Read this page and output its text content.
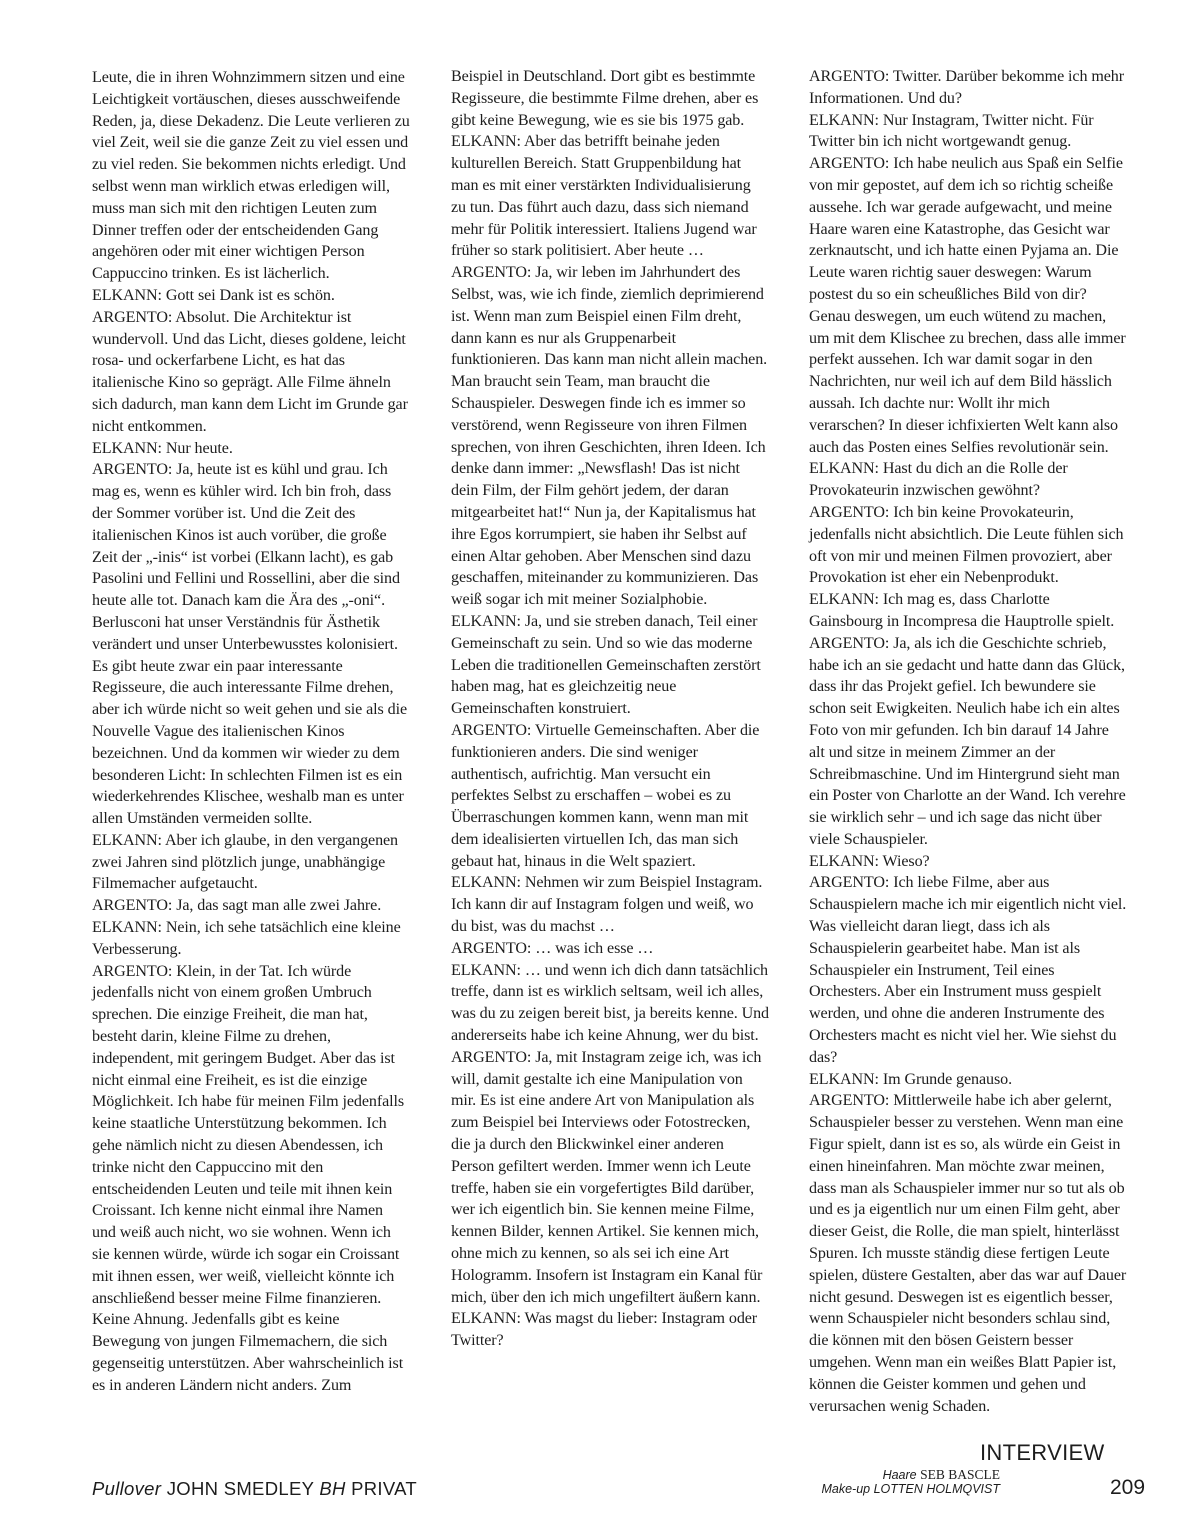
Leute, die in ihren Wohnzimmern sitzen und eine Leichtigkeit vortäuschen, dieses ausschweifende Reden, ja, diese Dekadenz. Die Leute verlieren zu viel Zeit, weil sie die ganze Zeit zu viel essen und zu viel reden. Sie bekommen nichts erledigt. Und selbst wenn man wirklich etwas erledigen will, muss man sich mit den richtigen Leuten zum Dinner treffen oder der entscheidenden Gang angehören oder mit einer wichtigen Person Cappuccino trinken. Es ist lächerlich.

ELKANN: Gott sei Dank ist es schön.

ARGENTO: Absolut. Die Architektur ist wundervoll. Und das Licht, dieses goldene, leicht rosa- und ockerfarbene Licht, es hat das italienische Kino so geprägt. Alle Filme ähneln sich dadurch, man kann dem Licht im Grunde gar nicht entkommen.

ELKANN: Nur heute.

ARGENTO: Ja, heute ist es kühl und grau. Ich mag es, wenn es kühler wird. Ich bin froh, dass der Sommer vorüber ist. Und die Zeit des italienischen Kinos ist auch vorüber, die große Zeit der „-inis“ ist vorbei (Elkann lacht), es gab Pasolini und Fellini und Rossellini, aber die sind heute alle tot. Danach kam die Ära des „-oni“. Berlusconi hat unser Verständnis für Ästhetik verändert und unser Unterbewusstes kolonisiert. Es gibt heute zwar ein paar interessante Regisseure, die auch interessante Filme drehen, aber ich würde nicht so weit gehen und sie als die Nouvelle Vague des italienischen Kinos bezeichnen. Und da kommen wir wieder zu dem besonderen Licht: In schlechten Filmen ist es ein wiederkehrendes Klischee, weshalb man es unter allen Umständen vermeiden sollte.

ELKANN: Aber ich glaube, in den vergangenen zwei Jahren sind plötzlich junge, unabhängige Filmemacher aufgetaucht.

ARGENTO: Ja, das sagt man alle zwei Jahre.

ELKANN: Nein, ich sehe tatsächlich eine kleine Verbesserung.

ARGENTO: Klein, in der Tat. Ich würde jedenfalls nicht von einem großen Umbruch sprechen. Die einzige Freiheit, die man hat, besteht darin, kleine Filme zu drehen, independent, mit geringem Budget. Aber das ist nicht einmal eine Freiheit, es ist die einzige Möglichkeit. Ich habe für meinen Film jedenfalls keine staatliche Unterstützung bekommen. Ich gehe nämlich nicht zu diesen Abendessen, ich trinke nicht den Cappuccino mit den entscheidenden Leuten und teile mit ihnen kein Croissant. Ich kenne nicht einmal ihre Namen und weiß auch nicht, wo sie wohnen. Wenn ich sie kennen würde, würde ich sogar ein Croissant mit ihnen essen, wer weiß, vielleicht könnte ich anschließend besser meine Filme finanzieren. Keine Ahnung. Jedenfalls gibt es keine Bewegung von jungen Filmemachern, die sich gegenseitig unterstützen. Aber wahrscheinlich ist es in anderen Ländern nicht anders. Zum

Beispiel in Deutschland. Dort gibt es bestimmte Regisseure, die bestimmte Filme drehen, aber es gibt keine Bewegung, wie es sie bis 1975 gab.

ELKANN: Aber das betrifft beinahe jeden kulturellen Bereich. Statt Gruppenbildung hat man es mit einer verstärkten Individualisierung zu tun. Das führt auch dazu, dass sich niemand mehr für Politik interessiert. Italiens Jugend war früher so stark politisiert. Aber heute …

ARGENTO: Ja, wir leben im Jahrhundert des Selbst, was, wie ich finde, ziemlich deprimierend ist. Wenn man zum Beispiel einen Film dreht, dann kann es nur als Gruppenarbeit funktionieren. Das kann man nicht allein machen. Man braucht sein Team, man braucht die Schauspieler. Deswegen finde ich es immer so verstörend, wenn Regisseure von ihren Filmen sprechen, von ihren Geschichten, ihren Ideen. Ich denke dann immer: „Newsflash! Das ist nicht dein Film, der Film gehört jedem, der daran mitgearbeitet hat!“ Nun ja, der Kapitalismus hat ihre Egos korrumpiert, sie haben ihr Selbst auf einen Altar gehoben. Aber Menschen sind dazu geschaffen, miteinander zu kommunizieren. Das weiß sogar ich mit meiner Sozialphobie.

ELKANN: Ja, und sie streben danach, Teil einer Gemeinschaft zu sein. Und so wie das moderne Leben die traditionellen Gemeinschaften zerstört haben mag, hat es gleichzeitig neue Gemeinschaften konstruiert.

ARGENTO: Virtuelle Gemeinschaften. Aber die funktionieren anders. Die sind weniger authentisch, aufrichtig. Man versucht ein perfektes Selbst zu erschaffen – wobei es zu Überraschungen kommen kann, wenn man mit dem idealisierten virtuellen Ich, das man sich gebaut hat, hinaus in die Welt spaziert.

ELKANN: Nehmen wir zum Beispiel Instagram. Ich kann dir auf Instagram folgen und weiß, wo du bist, was du machst …

ARGENTO: … was ich esse …

ELKANN: … und wenn ich dich dann tatsächlich treffe, dann ist es wirklich seltsam, weil ich alles, was du zu zeigen bereit bist, ja bereits kenne. Und andererseits habe ich keine Ahnung, wer du bist.

ARGENTO: Ja, mit Instagram zeige ich, was ich will, damit gestalte ich eine Manipulation von mir. Es ist eine andere Art von Manipulation als zum Beispiel bei Interviews oder Fotostrecken, die ja durch den Blickwinkel einer anderen Person gefiltert werden. Immer wenn ich Leute treffe, haben sie ein vorgefertigtes Bild darüber, wer ich eigentlich bin. Sie kennen meine Filme, kennen Bilder, kennen Artikel. Sie kennen mich, ohne mich zu kennen, so als sei ich eine Art Hologramm. Insofern ist Instagram ein Kanal für mich, über den ich mich ungefiltert äußern kann.

ELKANN: Was magst du lieber: Instagram oder Twitter?

ARGENTO: Twitter. Darüber bekomme ich mehr Informationen. Und du?

ELKANN: Nur Instagram, Twitter nicht. Für Twitter bin ich nicht wortgewandt genug.

ARGENTO: Ich habe neulich aus Spaß ein Selfie von mir gepostet, auf dem ich so richtig scheiße aussehe. Ich war gerade aufgewacht, und meine Haare waren eine Katastrophe, das Gesicht war zerknautscht, und ich hatte einen Pyjama an. Die Leute waren richtig sauer deswegen: Warum postest du so ein scheußliches Bild von dir? Genau deswegen, um euch wütend zu machen, um mit dem Klischee zu brechen, dass alle immer perfekt aussehen. Ich war damit sogar in den Nachrichten, nur weil ich auf dem Bild hässlich aussah. Ich dachte nur: Wollt ihr mich verarschen? In dieser ichfixierten Welt kann also auch das Posten eines Selfies revolutionär sein.

ELKANN: Hast du dich an die Rolle der Provokateurin inzwischen gewöhnt?

ARGENTO: Ich bin keine Provokateurin, jedenfalls nicht absichtlich. Die Leute fühlen sich oft von mir und meinen Filmen provoziert, aber Provokation ist eher ein Nebenprodukt.

ELKANN: Ich mag es, dass Charlotte Gainsbourg in Incompresa die Hauptrolle spielt.

ARGENTO: Ja, als ich die Geschichte schrieb, habe ich an sie gedacht und hatte dann das Glück, dass ihr das Projekt gefiel. Ich bewundere sie schon seit Ewigkeiten. Neulich habe ich ein altes Foto von mir gefunden. Ich bin darauf 14 Jahre alt und sitze in meinem Zimmer an der Schreibmaschine. Und im Hintergrund sieht man ein Poster von Charlotte an der Wand. Ich verehre sie wirklich sehr – und ich sage das nicht über viele Schauspieler.

ELKANN: Wieso?

ARGENTO: Ich liebe Filme, aber aus Schauspielern mache ich mir eigentlich nicht viel. Was vielleicht daran liegt, dass ich als Schauspielerin gearbeitet habe. Man ist als Schauspieler ein Instrument, Teil eines Orchesters. Aber ein Instrument muss gespielt werden, und ohne die anderen Instrumente des Orchesters macht es nicht viel her. Wie siehst du das?

ELKANN: Im Grunde genauso.

ARGENTO: Mittlerweile habe ich aber gelernt, Schauspieler besser zu verstehen. Wenn man eine Figur spielt, dann ist es so, als würde ein Geist in einen hineinfahren. Man möchte zwar meinen, dass man als Schauspieler immer nur so tut als ob und es ja eigentlich nur um einen Film geht, aber dieser Geist, die Rolle, die man spielt, hinterlässt Spuren. Ich musste ständig diese fertigen Leute spielen, düstere Gestalten, aber das war auf Dauer nicht gesund. Deswegen ist es eigentlich besser, wenn Schauspieler nicht besonders schlau sind, die können mit den bösen Geistern besser umgehen. Wenn man ein weißes Blatt Papier ist, können die Geister kommen und gehen und verursachen wenig Schaden.

INTERVIEW

Pullover JOHN SMEDLEY BH PRIVAT

Haare SEB BASCLE
Make-up LOTTEN HOLMQVIST	209
